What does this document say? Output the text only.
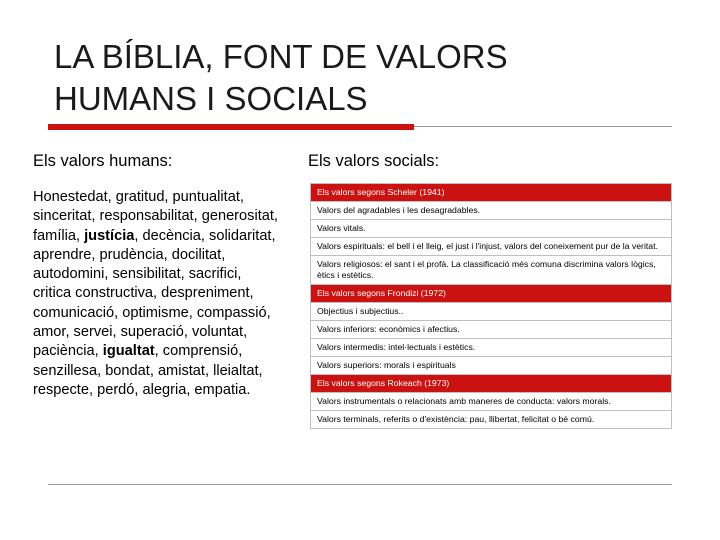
LA BÍBLIA, FONT DE VALORS
HUMANS I SOCIALS
Els valors humans:	Els valors socials:

Honestedat, gratitud, puntualitat, sinceritat, responsabilitat, generositat, família, justícia, decència, solidaritat, aprendre, prudència, docilitat, autodomini, sensibilitat, sacrifici, critica constructiva, despreniment, comunicació, optimisme, compassió, amor, servei, superació, voluntat, paciència, igualtat, comprensió, senzillesa, bondat, amistat, lleialtat, respecte, perdó, alegria, empatia.

Els valors segons Scheler (1941)
Valors del agradables i les desagradables.
Valors vitals.
Valors espirituals: el bell i el lleig, el just i l'injust, valors del coneixement pur de la veritat.
Valors religiosos: el sant i el profà. La classificació més comuna discrimina valors lògics, ètics i estètics.
Els valors segons Frondizi (1972)
Objectius i subjectius..
Valors inferiors: econòmics i afectius.
Valors intermedis: intel·lectuals i estètics.
Valors superiors: morals i espirituals
Els valors segons Rokeach (1973)
Valors instrumentals o relacionats amb maneres de conducta: valors morals.
Valors terminals, referits o d'existència: pau, llibertat, felicitat o bé comú.
